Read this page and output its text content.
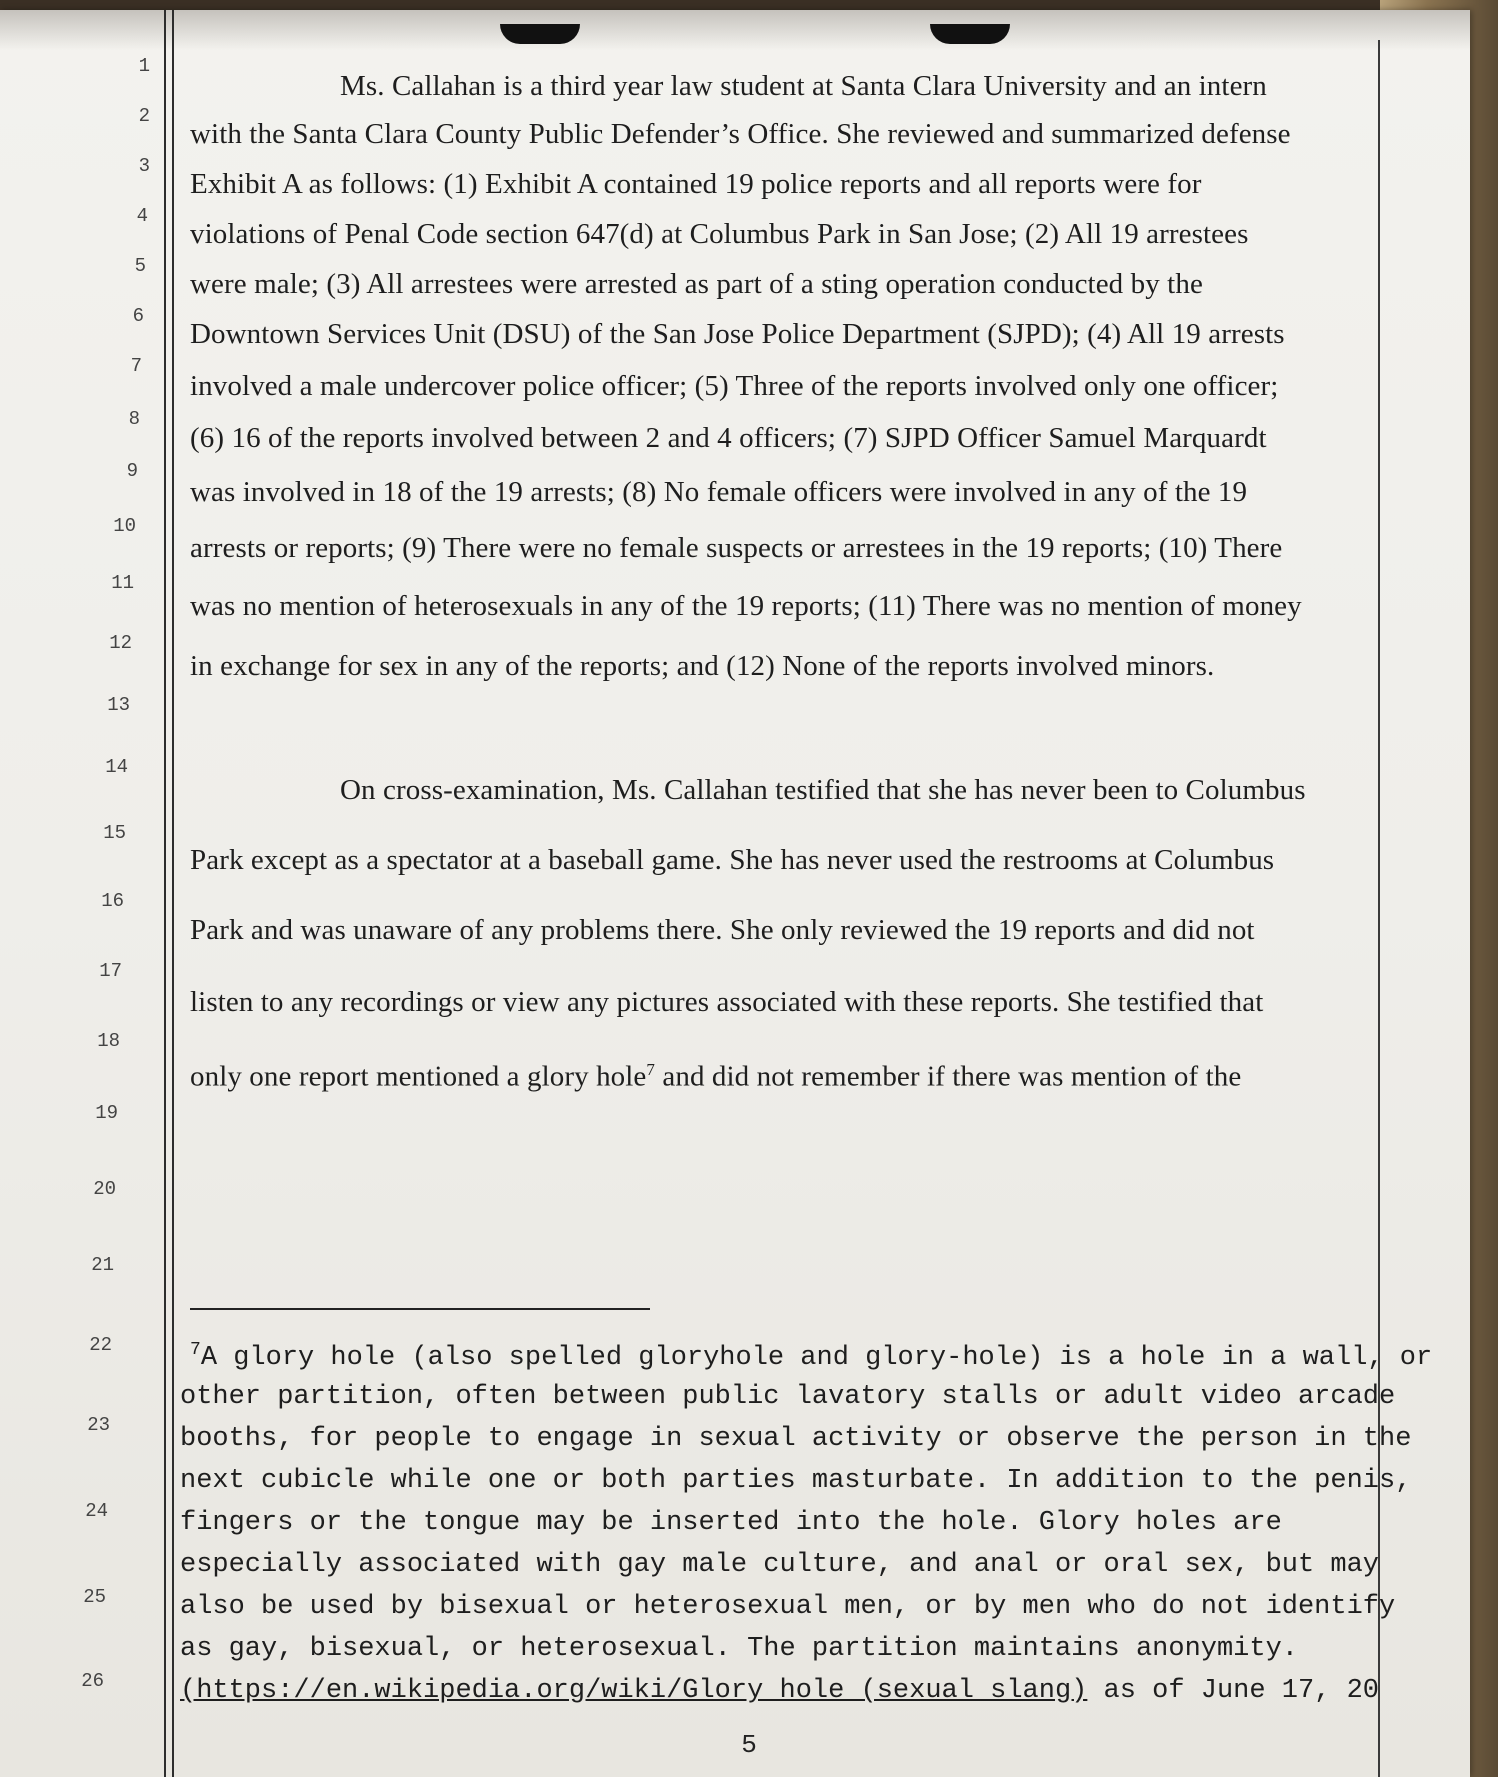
1
2
3
4
5
6
7
8
9
10
11
12
13
14
15
16
17
18
19
20
21
22
23
24
25
26
Ms. Callahan is a third year law student at Santa Clara University and an intern
with the Santa Clara County Public Defender’s Office. She reviewed and summarized defense
Exhibit A as follows: (1) Exhibit A contained 19 police reports and all reports were for
violations of Penal Code section 647(d) at Columbus Park in San Jose; (2) All 19 arrestees
were male; (3) All arrestees were arrested as part of a sting operation conducted by the
Downtown Services Unit (DSU) of the San Jose Police Department (SJPD); (4) All 19 arrests
involved a male undercover police officer; (5) Three of the reports involved only one officer;
(6) 16 of the reports involved between 2 and 4 officers; (7) SJPD Officer Samuel Marquardt
was involved in 18 of the 19 arrests; (8) No female officers were involved in any of the 19
arrests or reports; (9) There were no female suspects or arrestees in the 19 reports; (10) There
was no mention of heterosexuals in any of the 19 reports; (11) There was no mention of money
in exchange for sex in any of the reports; and (12) None of the reports involved minors.
On cross-examination, Ms. Callahan testified that she has never been to Columbus
Park except as a spectator at a baseball game. She has never used the restrooms at Columbus
Park and was unaware of any problems there. She only reviewed the 19 reports and did not
listen to any recordings or view any pictures associated with these reports. She testified that
only one report mentioned a glory hole$^7$ and did not remember if there was mention of the
$^7$A glory hole (also spelled gloryhole and glory-hole) is a hole in a wall, or
other partition, often between public lavatory stalls or adult video arcade
booths, for people to engage in sexual activity or observe the person in the
next cubicle while one or both parties masturbate. In addition to the penis,
fingers or the tongue may be inserted into the hole. Glory holes are
especially associated with gay male culture, and anal or oral sex, but may
also be used by bisexual or heterosexual men, or by men who do not identify
as gay, bisexual, or heterosexual. The partition maintains anonymity.
(https://en.wikipedia.org/wiki/Glory hole (sexual slang) as of June 17, 20
5
